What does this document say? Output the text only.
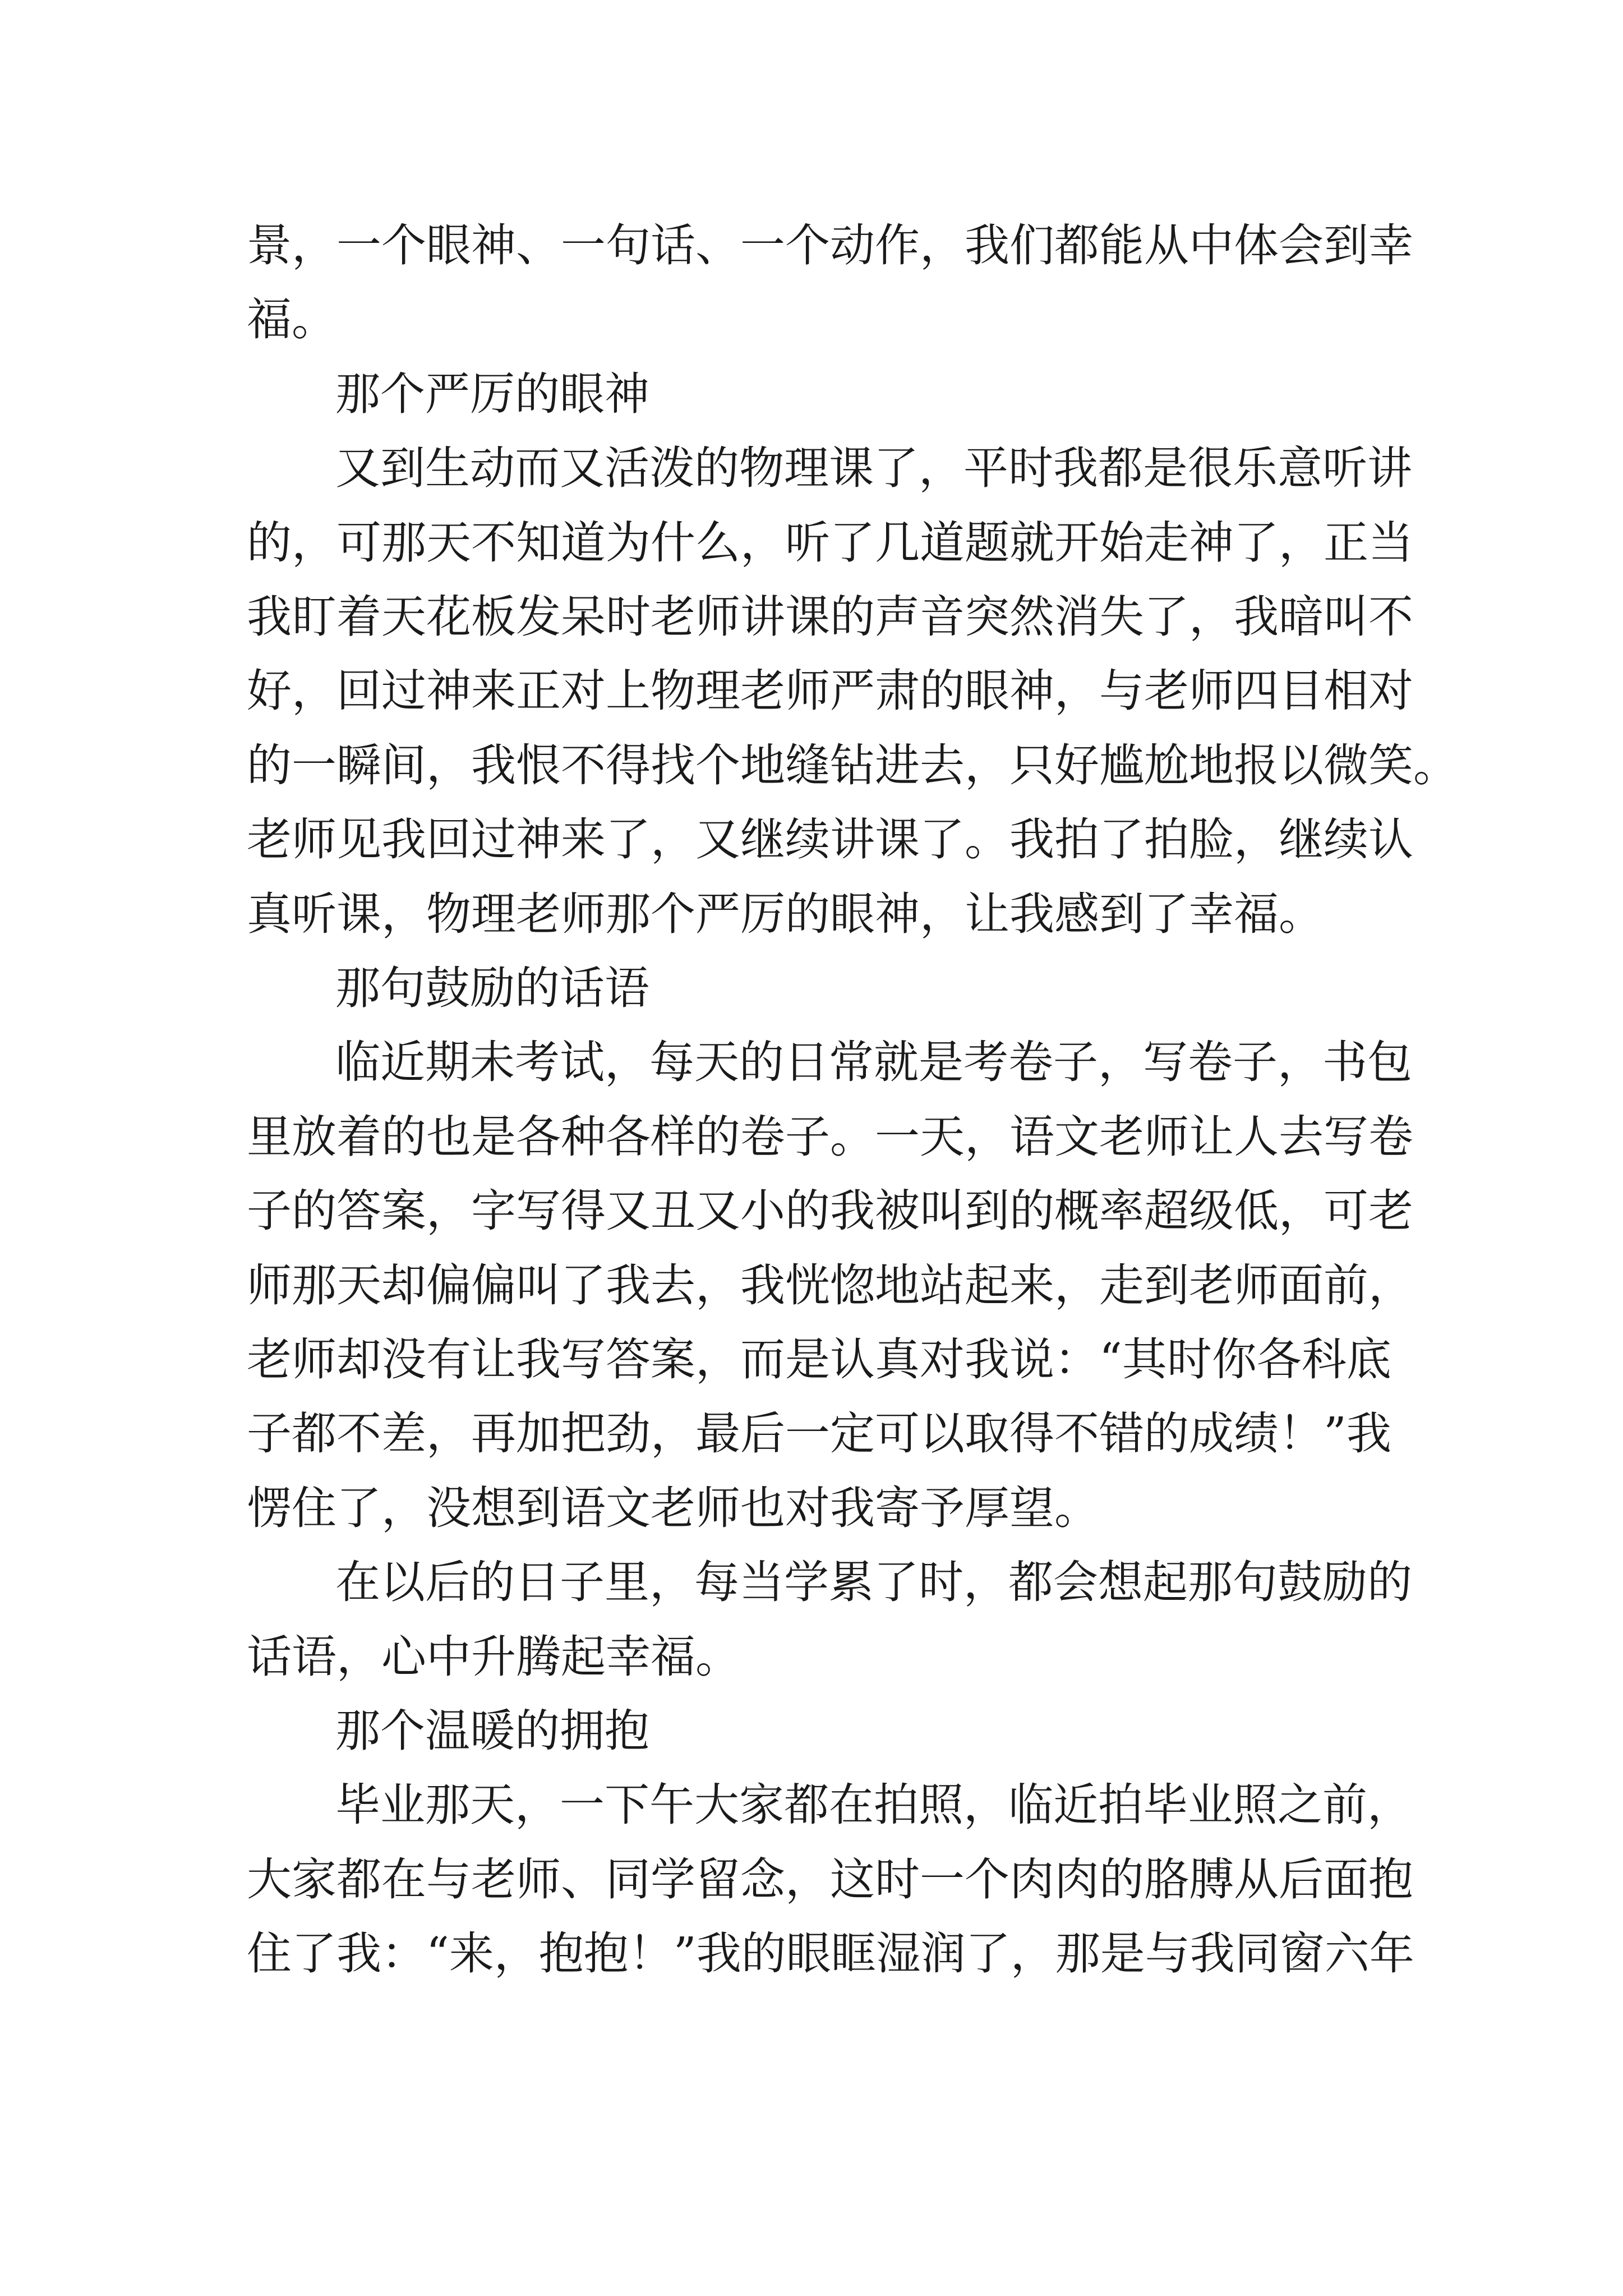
景，一个眼神、一句话、一个动作，我们都能从中体会到幸
福。
那个严厉的眼神
又到生动而又活泼的物理课了，平时我都是很乐意听讲
的，可那天不知道为什么，听了几道题就开始走神了，正当
我盯着天花板发呆时老师讲课的声音突然消失了，我暗叫不
好，回过神来正对上物理老师严肃的眼神，与老师四目相对
的一瞬间，我恨不得找个地缝钻进去，只好尴尬地报以微笑。
老师见我回过神来了，又继续讲课了。我拍了拍脸，继续认
真听课，物理老师那个严厉的眼神，让我感到了幸福。
那句鼓励的话语
临近期未考试，每天的日常就是考卷子，写卷子，书包
里放着的也是各种各样的卷子。一天，语文老师让人去写卷
子的答案，字写得又丑又小的我被叫到的概率超级低，可老
师那天却偏偏叫了我去，我恍惚地站起来，走到老师面前，
老师却没有让我写答案，而是认真对我说：“其时你各科底
子都不差，再加把劲，最后一定可以取得不错的成绩！”我
愣住了，没想到语文老师也对我寄予厚望。
在以后的日子里，每当学累了时，都会想起那句鼓励的
话语，心中升腾起幸福。
那个温暖的拥抱
毕业那天，一下午大家都在拍照，临近拍毕业照之前，
大家都在与老师、同学留念，这时一个肉肉的胳膊从后面抱
住了我：“来，抱抱！”我的眼眶湿润了，那是与我同窗六年
